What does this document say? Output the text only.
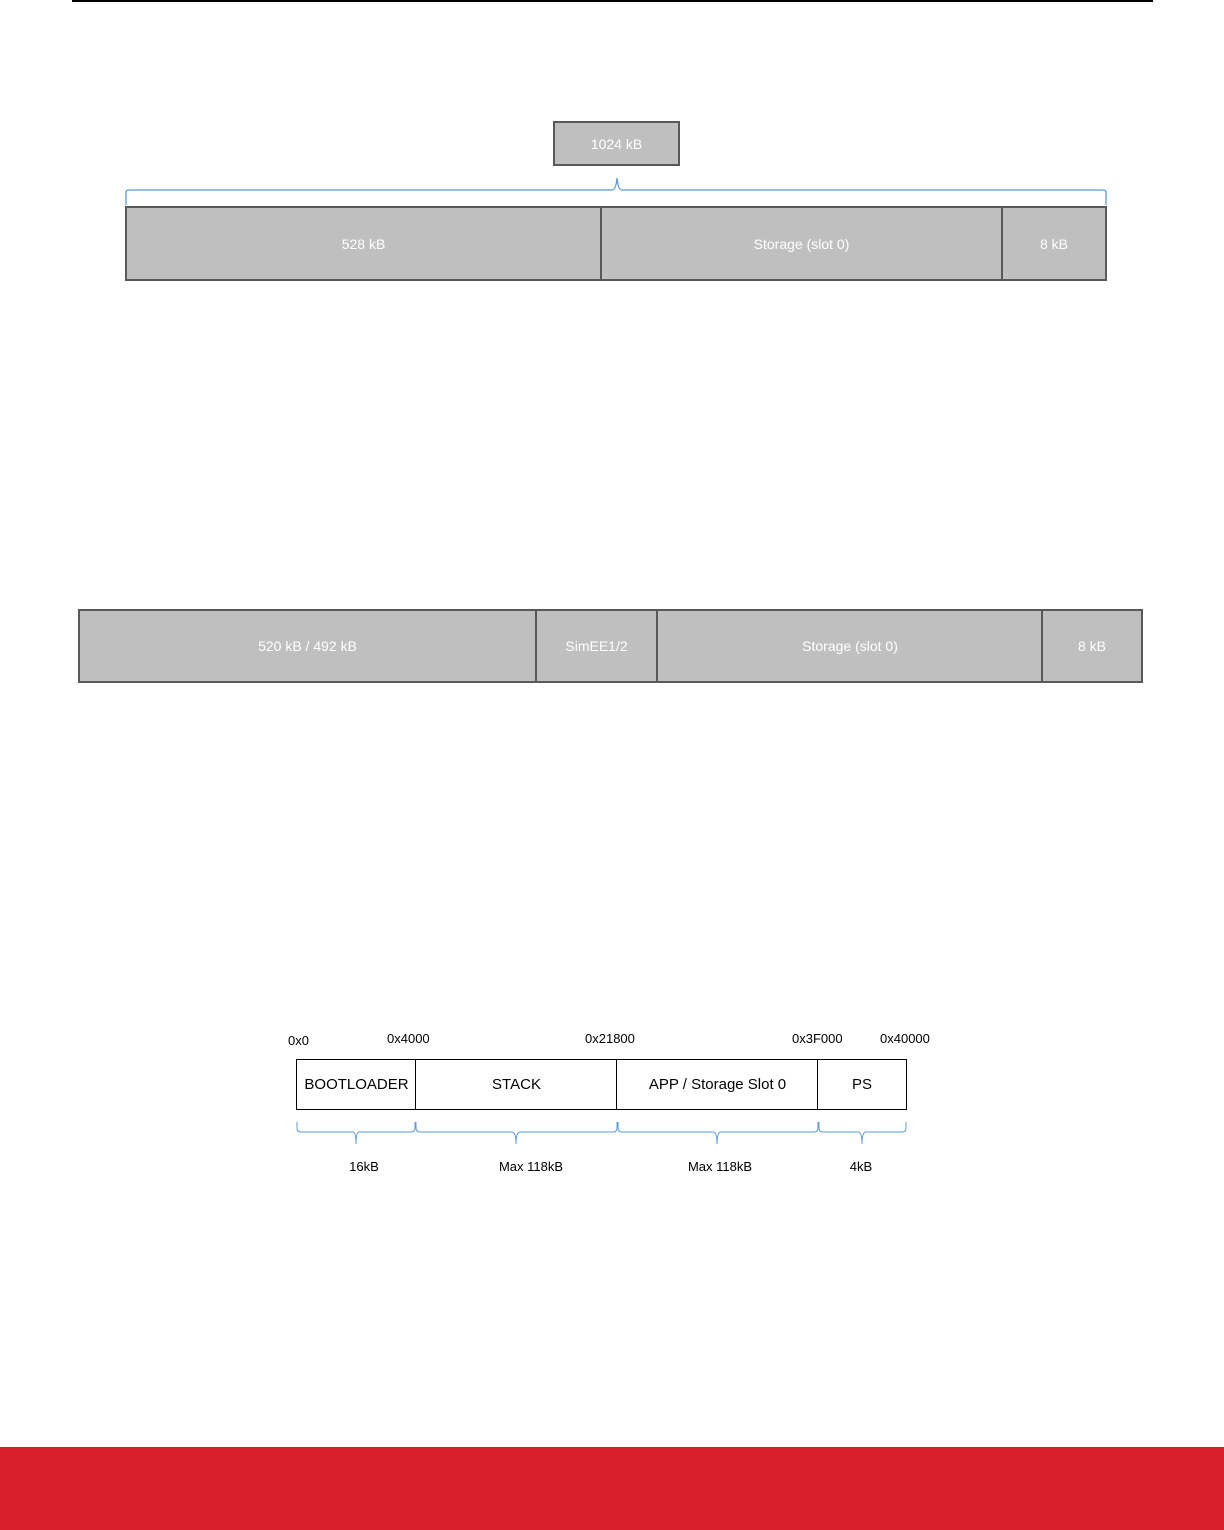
1024 kB
528 kB	Storage (slot 0)	8 kB
520 kB / 492 kB	SimEE1/2	Storage (slot 0)	8 kB
0x0	0x4000	0x21800	0x3F000	0x40000
BOOTLOADER	STACK	APP / Storage Slot 0	PS
16kB	Max 118kB	Max 118kB	4kB
